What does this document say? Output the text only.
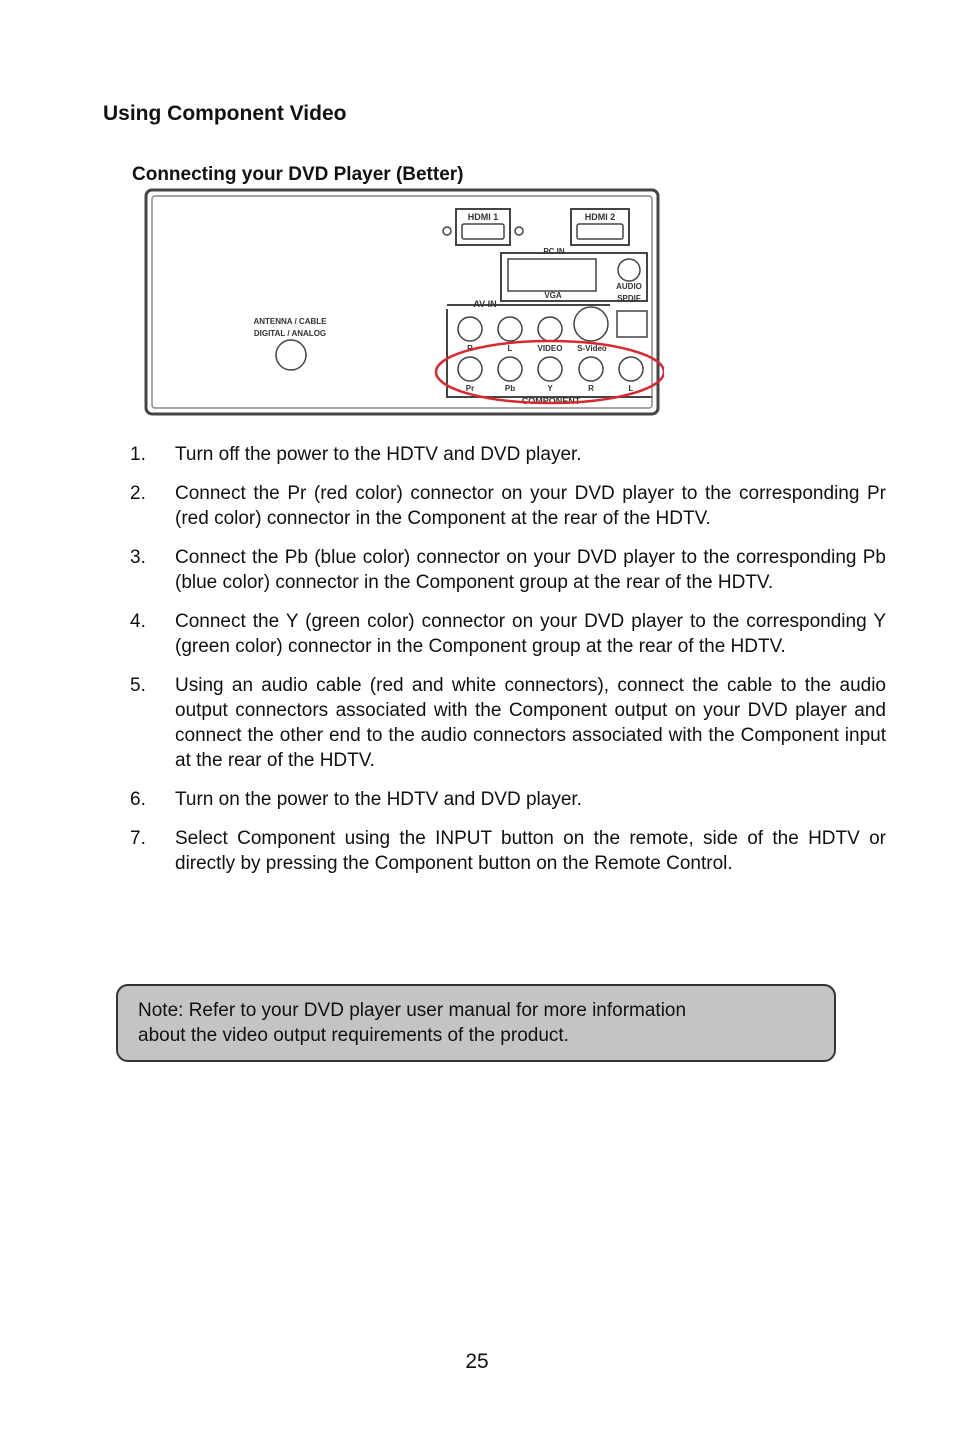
Using Component Video
Connecting your DVD Player (Better)
HDMI 1	HDMI 2
PC IN
VGA
AUDIO
SPDIF
ANTENNA / CABLE
DIGITAL / ANALOG
AV IN
R	L	VIDEO S-Video
Pr	Pb	Y	R	L
COMPONENT
1. Turn off the power to the HDTV and DVD player.
2. Connect the Pr (red color) connector on your DVD player to the corresponding Pr (red color) connector in the Component at the rear of the HDTV.
3. Connect the Pb (blue color) connector on your DVD player to the corresponding Pb (blue color) connector in the Component group at the rear of the HDTV.
4. Connect the Y (green color) connector on your DVD player to the corresponding Y (green color) connector in the Component group at the rear of the HDTV.
5. Using an audio cable (red and white connectors), connect the cable to the audio output connectors associated with the Component output on your DVD player and connect the other end to the audio connectors associated with the Component input at the rear of the HDTV.
6. Turn on the power to the HDTV and DVD player.
7. Select Component using the INPUT button on the remote, side of the HDTV or directly by pressing the Component button on the Remote Control.
Note: Refer to your DVD player user manual for more information
about the video output requirements of the product.
25
